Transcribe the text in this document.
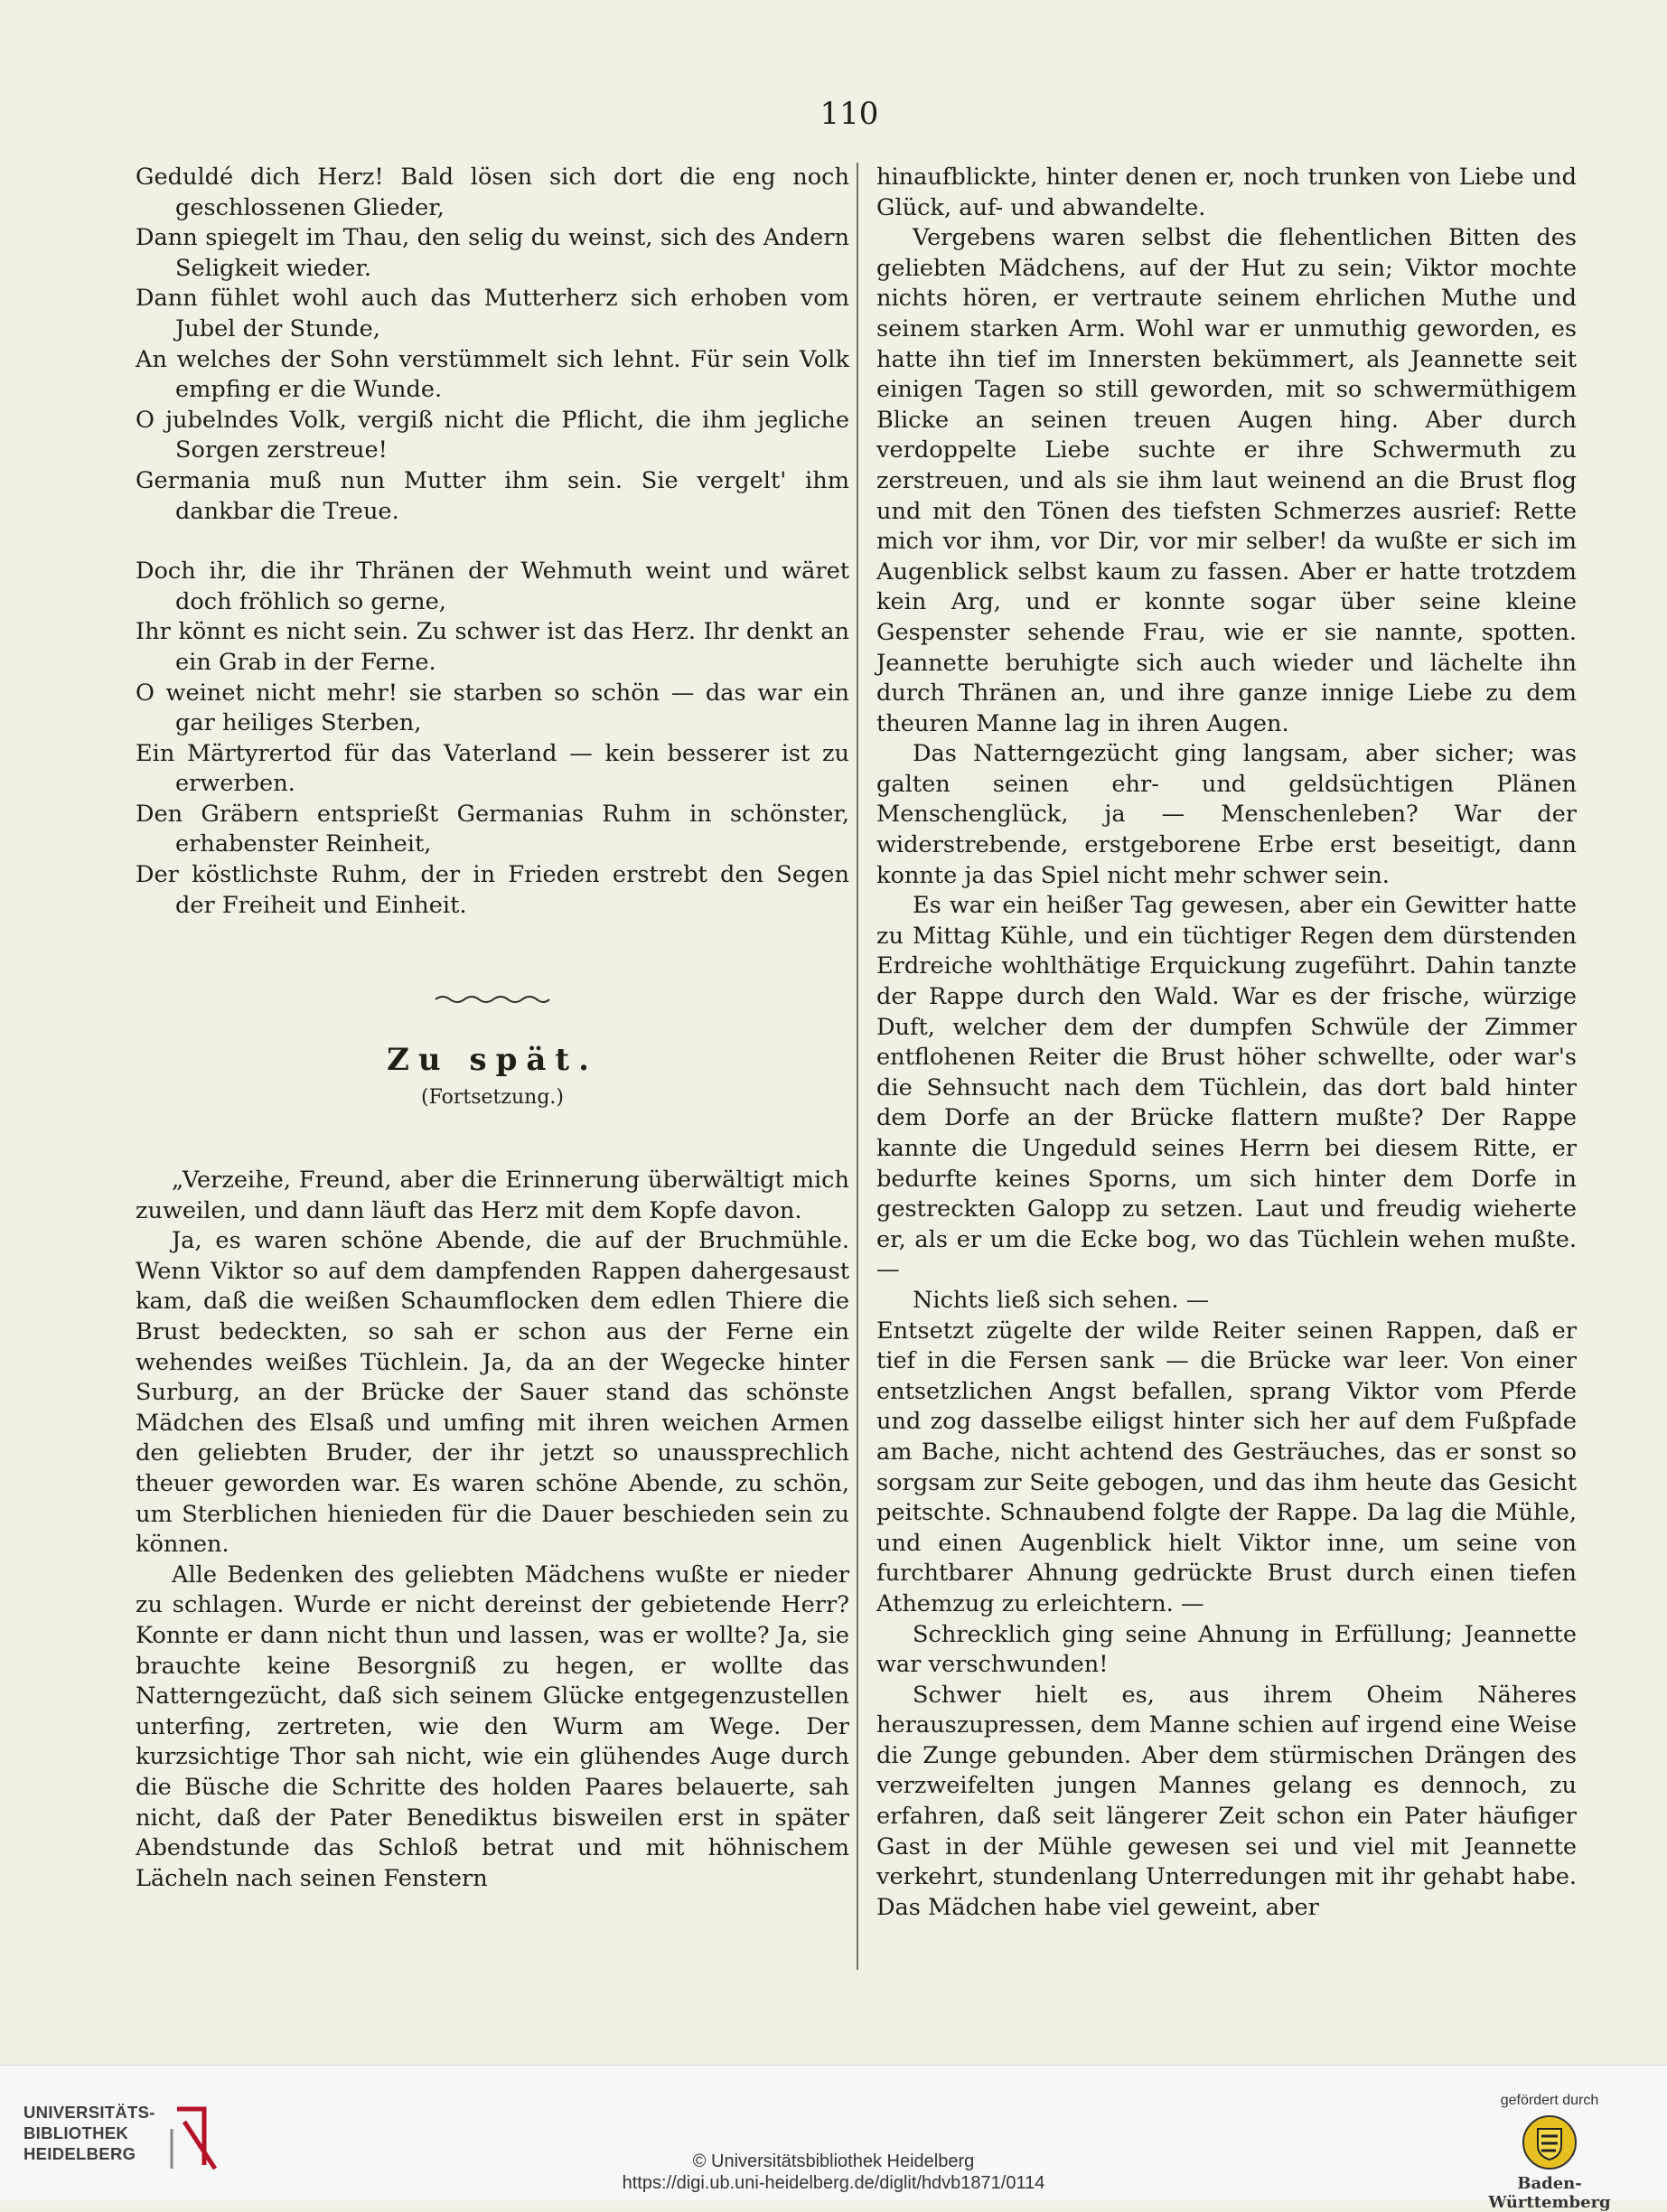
110

Geduldé dich Herz! Bald lösen sich dort die eng noch geschlossenen Glieder,

Dann spiegelt im Thau, den selig du weinst, sich des Andern Seligkeit wieder.

Dann fühlet wohl auch das Mutterherz sich erhoben vom Jubel der Stunde,

An welches der Sohn verstümmelt sich lehnt. Für sein Volk empfing er die Wunde.

O jubelndes Volk, vergiß nicht die Pflicht, die ihm jegliche Sorgen zerstreue!

Germania muß nun Mutter ihm sein. Sie vergelt' ihm dankbar die Treue.

Doch ihr, die ihr Thränen der Wehmuth weint und wäret doch fröhlich so gerne,

Ihr könnt es nicht sein. Zu schwer ist das Herz. Ihr denkt an ein Grab in der Ferne.

O weinet nicht mehr! sie starben so schön — das war ein gar heiliges Sterben,

Ein Märtyrertod für das Vaterland — kein besserer ist zu erwerben.

Den Gräbern entsprießt Germanias Ruhm in schönster, erhabenster Reinheit,

Der köstlichste Ruhm, der in Frieden erstrebt den Segen der Freiheit und Einheit.

Zu spät.
(Fortsetzung.)

„Verzeihe, Freund, aber die Erinnerung überwältigt mich zuweilen, und dann läuft das Herz mit dem Kopfe davon.

Ja, es waren schöne Abende, die auf der Bruchmühle. Wenn Viktor so auf dem dampfenden Rappen dahergesaust kam, daß die weißen Schaumflocken dem edlen Thiere die Brust bedeckten, so sah er schon aus der Ferne ein wehendes weißes Tüchlein. Ja, da an der Wegecke hinter Surburg, an der Brücke der Sauer stand das schönste Mädchen des Elsaß und umfing mit ihren weichen Armen den geliebten Bruder, der ihr jetzt so unaussprechlich theuer geworden war. Es waren schöne Abende, zu schön, um Sterblichen hienieden für die Dauer beschieden sein zu können.

Alle Bedenken des geliebten Mädchens wußte er nieder zu schlagen. Wurde er nicht dereinst der gebietende Herr? Konnte er dann nicht thun und lassen, was er wollte? Ja, sie brauchte keine Besorgniß zu hegen, er wollte das Natterngezücht, daß sich seinem Glücke entgegenzustellen unterfing, zertreten, wie den Wurm am Wege. Der kurzsichtige Thor sah nicht, wie ein glühendes Auge durch die Büsche die Schritte des holden Paares belauerte, sah nicht, daß der Pater Benediktus bisweilen erst in später Abendstunde das Schloß betrat und mit höhnischem Lächeln nach seinen Fenstern

hinaufblickte, hinter denen er, noch trunken von Liebe und Glück, auf- und abwandelte.

Vergebens waren selbst die flehentlichen Bitten des geliebten Mädchens, auf der Hut zu sein; Viktor mochte nichts hören, er vertraute seinem ehrlichen Muthe und seinem starken Arm. Wohl war er unmuthig geworden, es hatte ihn tief im Innersten bekümmert, als Jeannette seit einigen Tagen so still geworden, mit so schwermüthigem Blicke an seinen treuen Augen hing. Aber durch verdoppelte Liebe suchte er ihre Schwermuth zu zerstreuen, und als sie ihm laut weinend an die Brust flog und mit den Tönen des tiefsten Schmerzes ausrief: Rette mich vor ihm, vor Dir, vor mir selber! da wußte er sich im Augenblick selbst kaum zu fassen. Aber er hatte trotzdem kein Arg, und er konnte sogar über seine kleine Gespenster sehende Frau, wie er sie nannte, spotten. Jeannette beruhigte sich auch wieder und lächelte ihn durch Thränen an, und ihre ganze innige Liebe zu dem theuren Manne lag in ihren Augen.

Das Natterngezücht ging langsam, aber sicher; was galten seinen ehr- und geldsüchtigen Plänen Menschenglück, ja — Menschenleben? War der widerstrebende, erstgeborene Erbe erst beseitigt, dann konnte ja das Spiel nicht mehr schwer sein.

Es war ein heißer Tag gewesen, aber ein Gewitter hatte zu Mittag Kühle, und ein tüchtiger Regen dem dürstenden Erdreiche wohlthätige Erquickung zugeführt. Dahin tanzte der Rappe durch den Wald. War es der frische, würzige Duft, welcher dem der dumpfen Schwüle der Zimmer entflohenen Reiter die Brust höher schwellte, oder war's die Sehnsucht nach dem Tüchlein, das dort bald hinter dem Dorfe an der Brücke flattern mußte? Der Rappe kannte die Ungeduld seines Herrn bei diesem Ritte, er bedurfte keines Sporns, um sich hinter dem Dorfe in gestreckten Galopp zu setzen. Laut und freudig wieherte er, als er um die Ecke bog, wo das Tüchlein wehen mußte. —

Nichts ließ sich sehen. —

Entsetzt zügelte der wilde Reiter seinen Rappen, daß er tief in die Fersen sank — die Brücke war leer. Von einer entsetzlichen Angst befallen, sprang Viktor vom Pferde und zog dasselbe eiligst hinter sich her auf dem Fußpfade am Bache, nicht achtend des Gesträuches, das er sonst so sorgsam zur Seite gebogen, und das ihm heute das Gesicht peitschte. Schnaubend folgte der Rappe. Da lag die Mühle, und einen Augenblick hielt Viktor inne, um seine von furchtbarer Ahnung gedrückte Brust durch einen tiefen Athemzug zu erleichtern. —

Schrecklich ging seine Ahnung in Erfüllung; Jeannette war verschwunden!

Schwer hielt es, aus ihrem Oheim Näheres herauszupressen, dem Manne schien auf irgend eine Weise die Zunge gebunden. Aber dem stürmischen Drängen des verzweifelten jungen Mannes gelang es dennoch, zu erfahren, daß seit längerer Zeit schon ein Pater häufiger Gast in der Mühle gewesen sei und viel mit Jeannette verkehrt, stundenlang Unterredungen mit ihr gehabt habe. Das Mädchen habe viel geweint, aber

UNIVERSITÄTS-
BIBLIOTHEK
HEIDELBERG	© Universitätsbibliothek Heidelberg
https://digi.ub.uni-heidelberg.de/diglit/hdvb1871/0114
gefördert durch
Baden-Württemberg
